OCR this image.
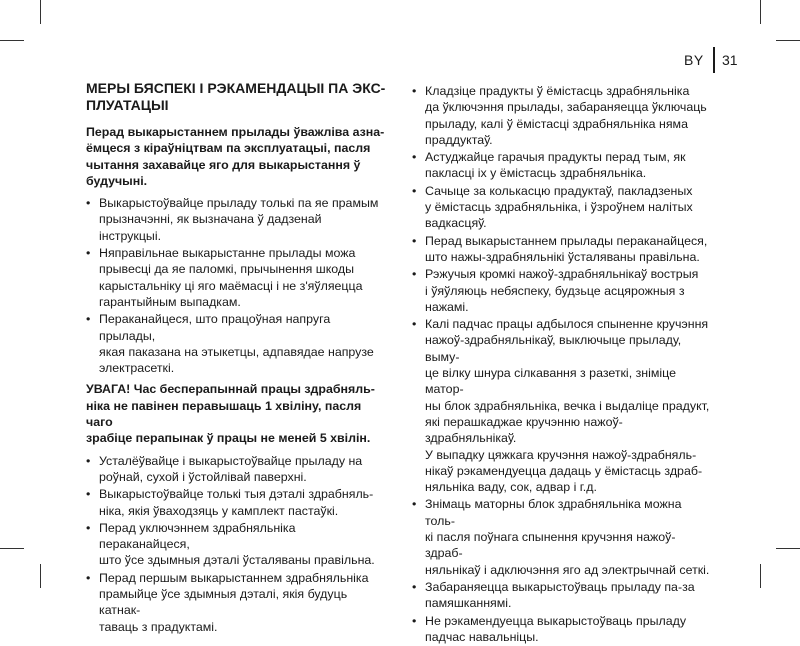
BY 31

МЕРЫ БЯСПЕКІ І РЭКАМЕНДАЦЫІ ПА ЭКС-
ПЛУАТАЦЫІ

Перад выкарыстаннем прылады ўважліва азна-
ёмцеся з кіраўніцтвам па эксплуатацыі, пасля
чытання захавайце яго для выкарыстання ў
будучыні.

• Выкарыстоўвайце прыладу толькі па яе прамым
прызначэнні, як вызначана ў дадзенай інструкцыі.
• Няправільнае выкарыстанне прылады можа
прывесці да яе паломкі, прычынення шкоды
карыстальніку ці яго маёмасці і не з'яўляецца
гарантыйным выпадкам.
• Пераканайцеся, што працоўная напруга прылады,
якая паказана на этыкетцы, адпавядае напрузе
электрасеткі.

УВАГА! Час бесперапыннай працы здрабняль-
ніка не павінен перавышаць 1 хвіліну, пасля чаго
зрабіце перапынак ў працы не меней 5 хвілін.

• Усталёўвайце і выкарыстоўвайце прыладу на
роўнай, сухой і ўстойлівай паверхні.
• Выкарыстоўвайце толькі тыя дэталі здрабняль-
ніка, якія ўваходзяць у камплект пастаўкі.
• Перад уключэннем здрабняльніка пераканайцеся,
што ўсе здымныя дэталі ўсталяваны правільна.
• Перад першым выкарыстаннем здрабняльніка
прамыйце ўсе здымныя дэталі, якія будуць катнак-
таваць з прадуктамі.
• Кладзіце прадукты ў ёмістасць здрабняльніка
да ўключэння прылады, забараняецца ўключаць
прыладу, калі ў ёмістасці здрабняльніка няма
праддуктаў.
• Астуджайце гарачыя прадукты перад тым, як
пакласці іх у ёмістасць здрабняльніка.
• Сачыце за колькасцю прадуктаў, пакладзеных
у ёмістасць здрабняльніка, і ўзроўнем налітых
вадкасцяў.
• Перад выкарыстаннем прылады пераканайцеся,
што нажы-здрабняльнікі ўсталяваны правільна.
• Рэжучыя кромкі нажоў-здрабняльнікаў вострыя
і ўяўляюць небяспеку, будзьце асцярожныя з
нажамі.
• Калі падчас працы адбылося спыненне кручэння
нажоў-здрабняльнікаў, выключыце прыладу, выму-
це вілку шнура сілкавання з разеткі, зніміце матор-
ны блок здрабняльніка, вечка і выдаліце прадукт,
які перашкаджае кручэнню нажоў-здрабняльнікаў.
У выпадку цяжкага кручэння нажоў-здрабняль-
нікаў рэкамендуецца дадаць у ёмістасць здраб-
няльніка ваду, сок, адвар і г.д.
• Знімаць маторны блок здрабняльніка можна толь-
кі пасля поўнага спынення кручэння нажоў-здраб-
няльнікаў і адключэння яго ад электрычнай сеткі.
• Забараняецца выкарыстоўваць прыладу па-за
памяшканнямі.
• Не рэкамендуецца выкарыстоўваць прыладу
падчас навальніцы.
